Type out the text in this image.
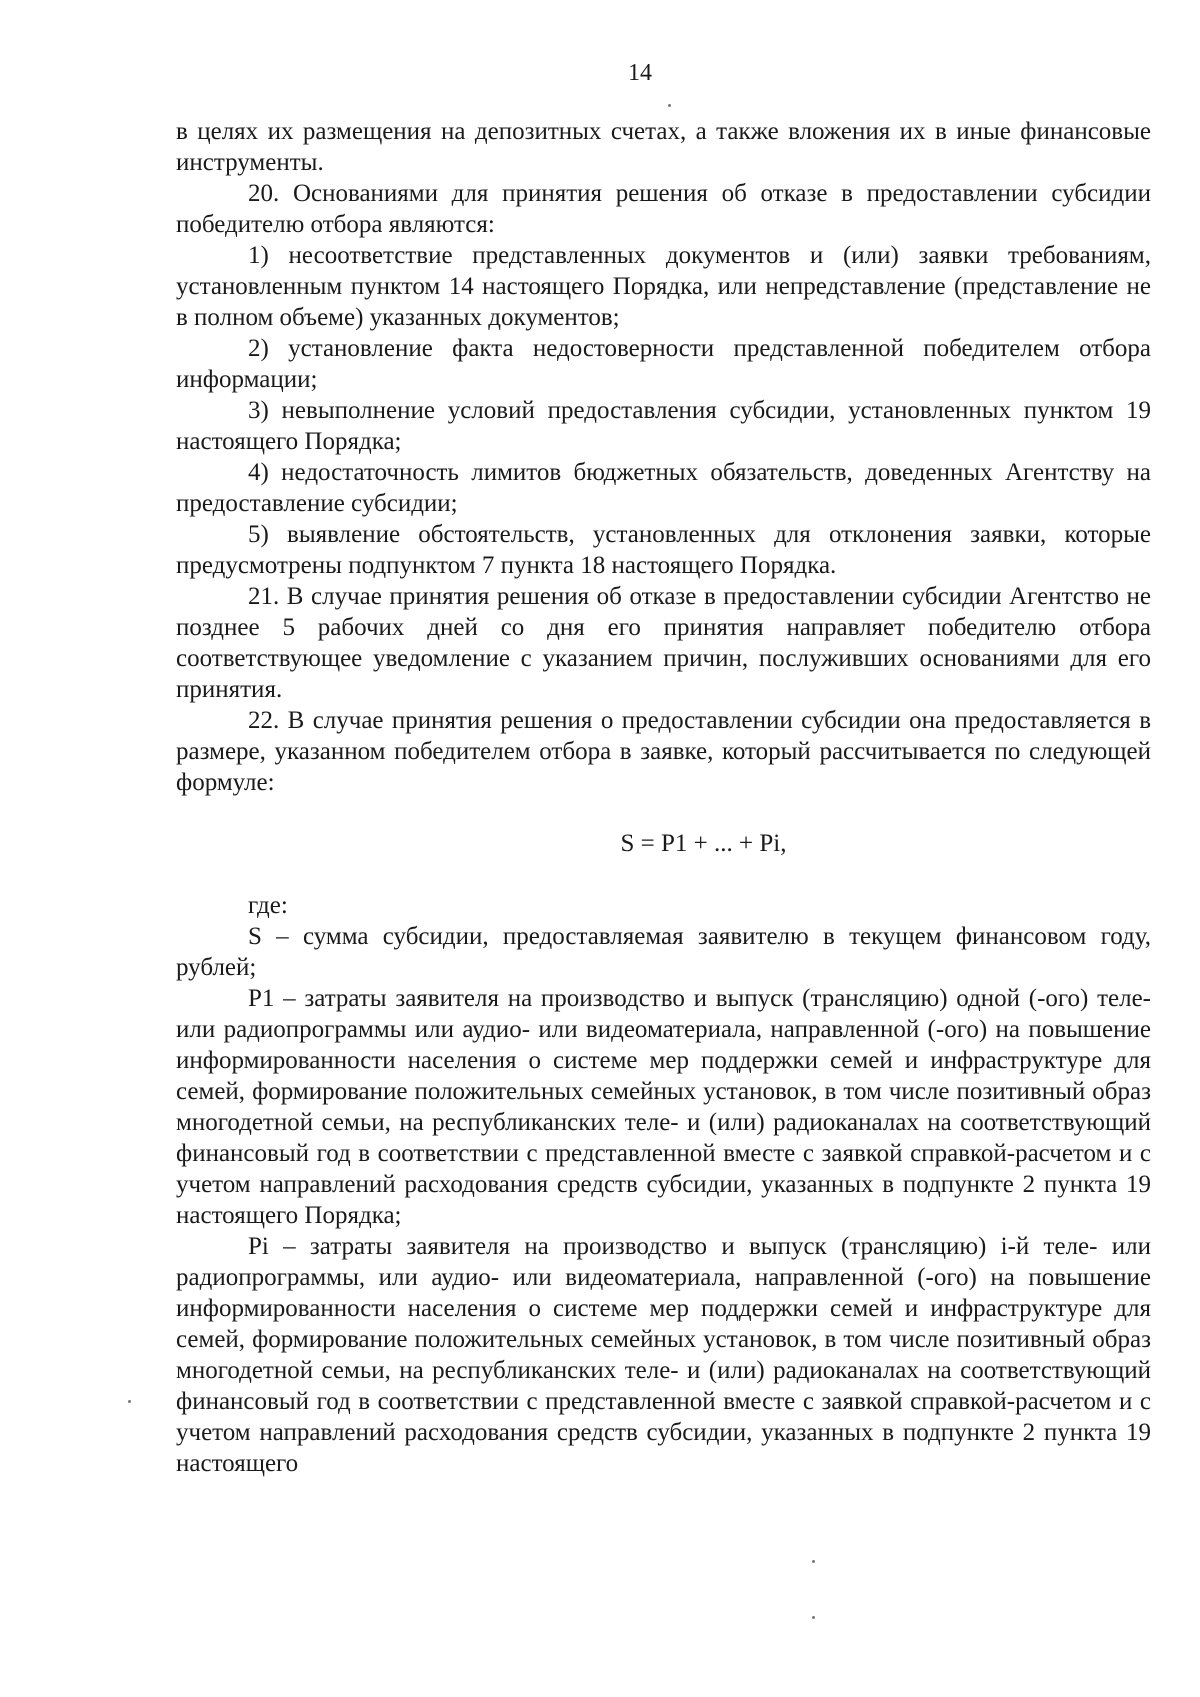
14

в целях их размещения на депозитных счетах, а также вложения их в иные финансовые инструменты.

20. Основаниями для принятия решения об отказе в предоставлении субсидии победителю отбора являются:

1) несоответствие представленных документов и (или) заявки требованиям, установленным пунктом 14 настоящего Порядка, или непредставление (представление не в полном объеме) указанных документов;

2) установление факта недостоверности представленной победителем отбора информации;

3) невыполнение условий предоставления субсидии, установленных пунктом 19 настоящего Порядка;

4) недостаточность лимитов бюджетных обязательств, доведенных Агентству на предоставление субсидии;

5) выявление обстоятельств, установленных для отклонения заявки, которые предусмотрены подпунктом 7 пункта 18 настоящего Порядка.

21. В случае принятия решения об отказе в предоставлении субсидии Агентство не позднее 5 рабочих дней со дня его принятия направляет победителю отбора соответствующее уведомление с указанием причин, послуживших основаниями для его принятия.

22. В случае принятия решения о предоставлении субсидии она предоставляется в размере, указанном победителем отбора в заявке, который рассчитывается по следующей формуле:

S = P1 + ... + Pi,

где:

S – сумма субсидии, предоставляемая заявителю в текущем финансовом году, рублей;

P1 – затраты заявителя на производство и выпуск (трансляцию) одной (-ого) теле- или радиопрограммы или аудио- или видеоматериала, направленной (-ого) на повышение информированности населения о системе мер поддержки семей и инфраструктуре для семей, формирование положительных семейных установок, в том числе позитивный образ многодетной семьи, на республиканских теле- и (или) радиоканалах на соответствующий финансовый год в соответствии с представленной вместе с заявкой справкой-расчетом и с учетом направлений расходования средств субсидии, указанных в подпункте 2 пункта 19 настоящего Порядка;

Pi – затраты заявителя на производство и выпуск (трансляцию) i-й теле- или радиопрограммы, или аудио- или видеоматериала, направленной (-ого) на повышение информированности населения о системе мер поддержки семей и инфраструктуре для семей, формирование положительных семейных установок, в том числе позитивный образ многодетной семьи, на республиканских теле- и (или) радиоканалах на соответствующий финансовый год в соответствии с представленной вместе с заявкой справкой-расчетом и с учетом направлений расходования средств субсидии, указанных в подпункте 2 пункта 19 настоящего
